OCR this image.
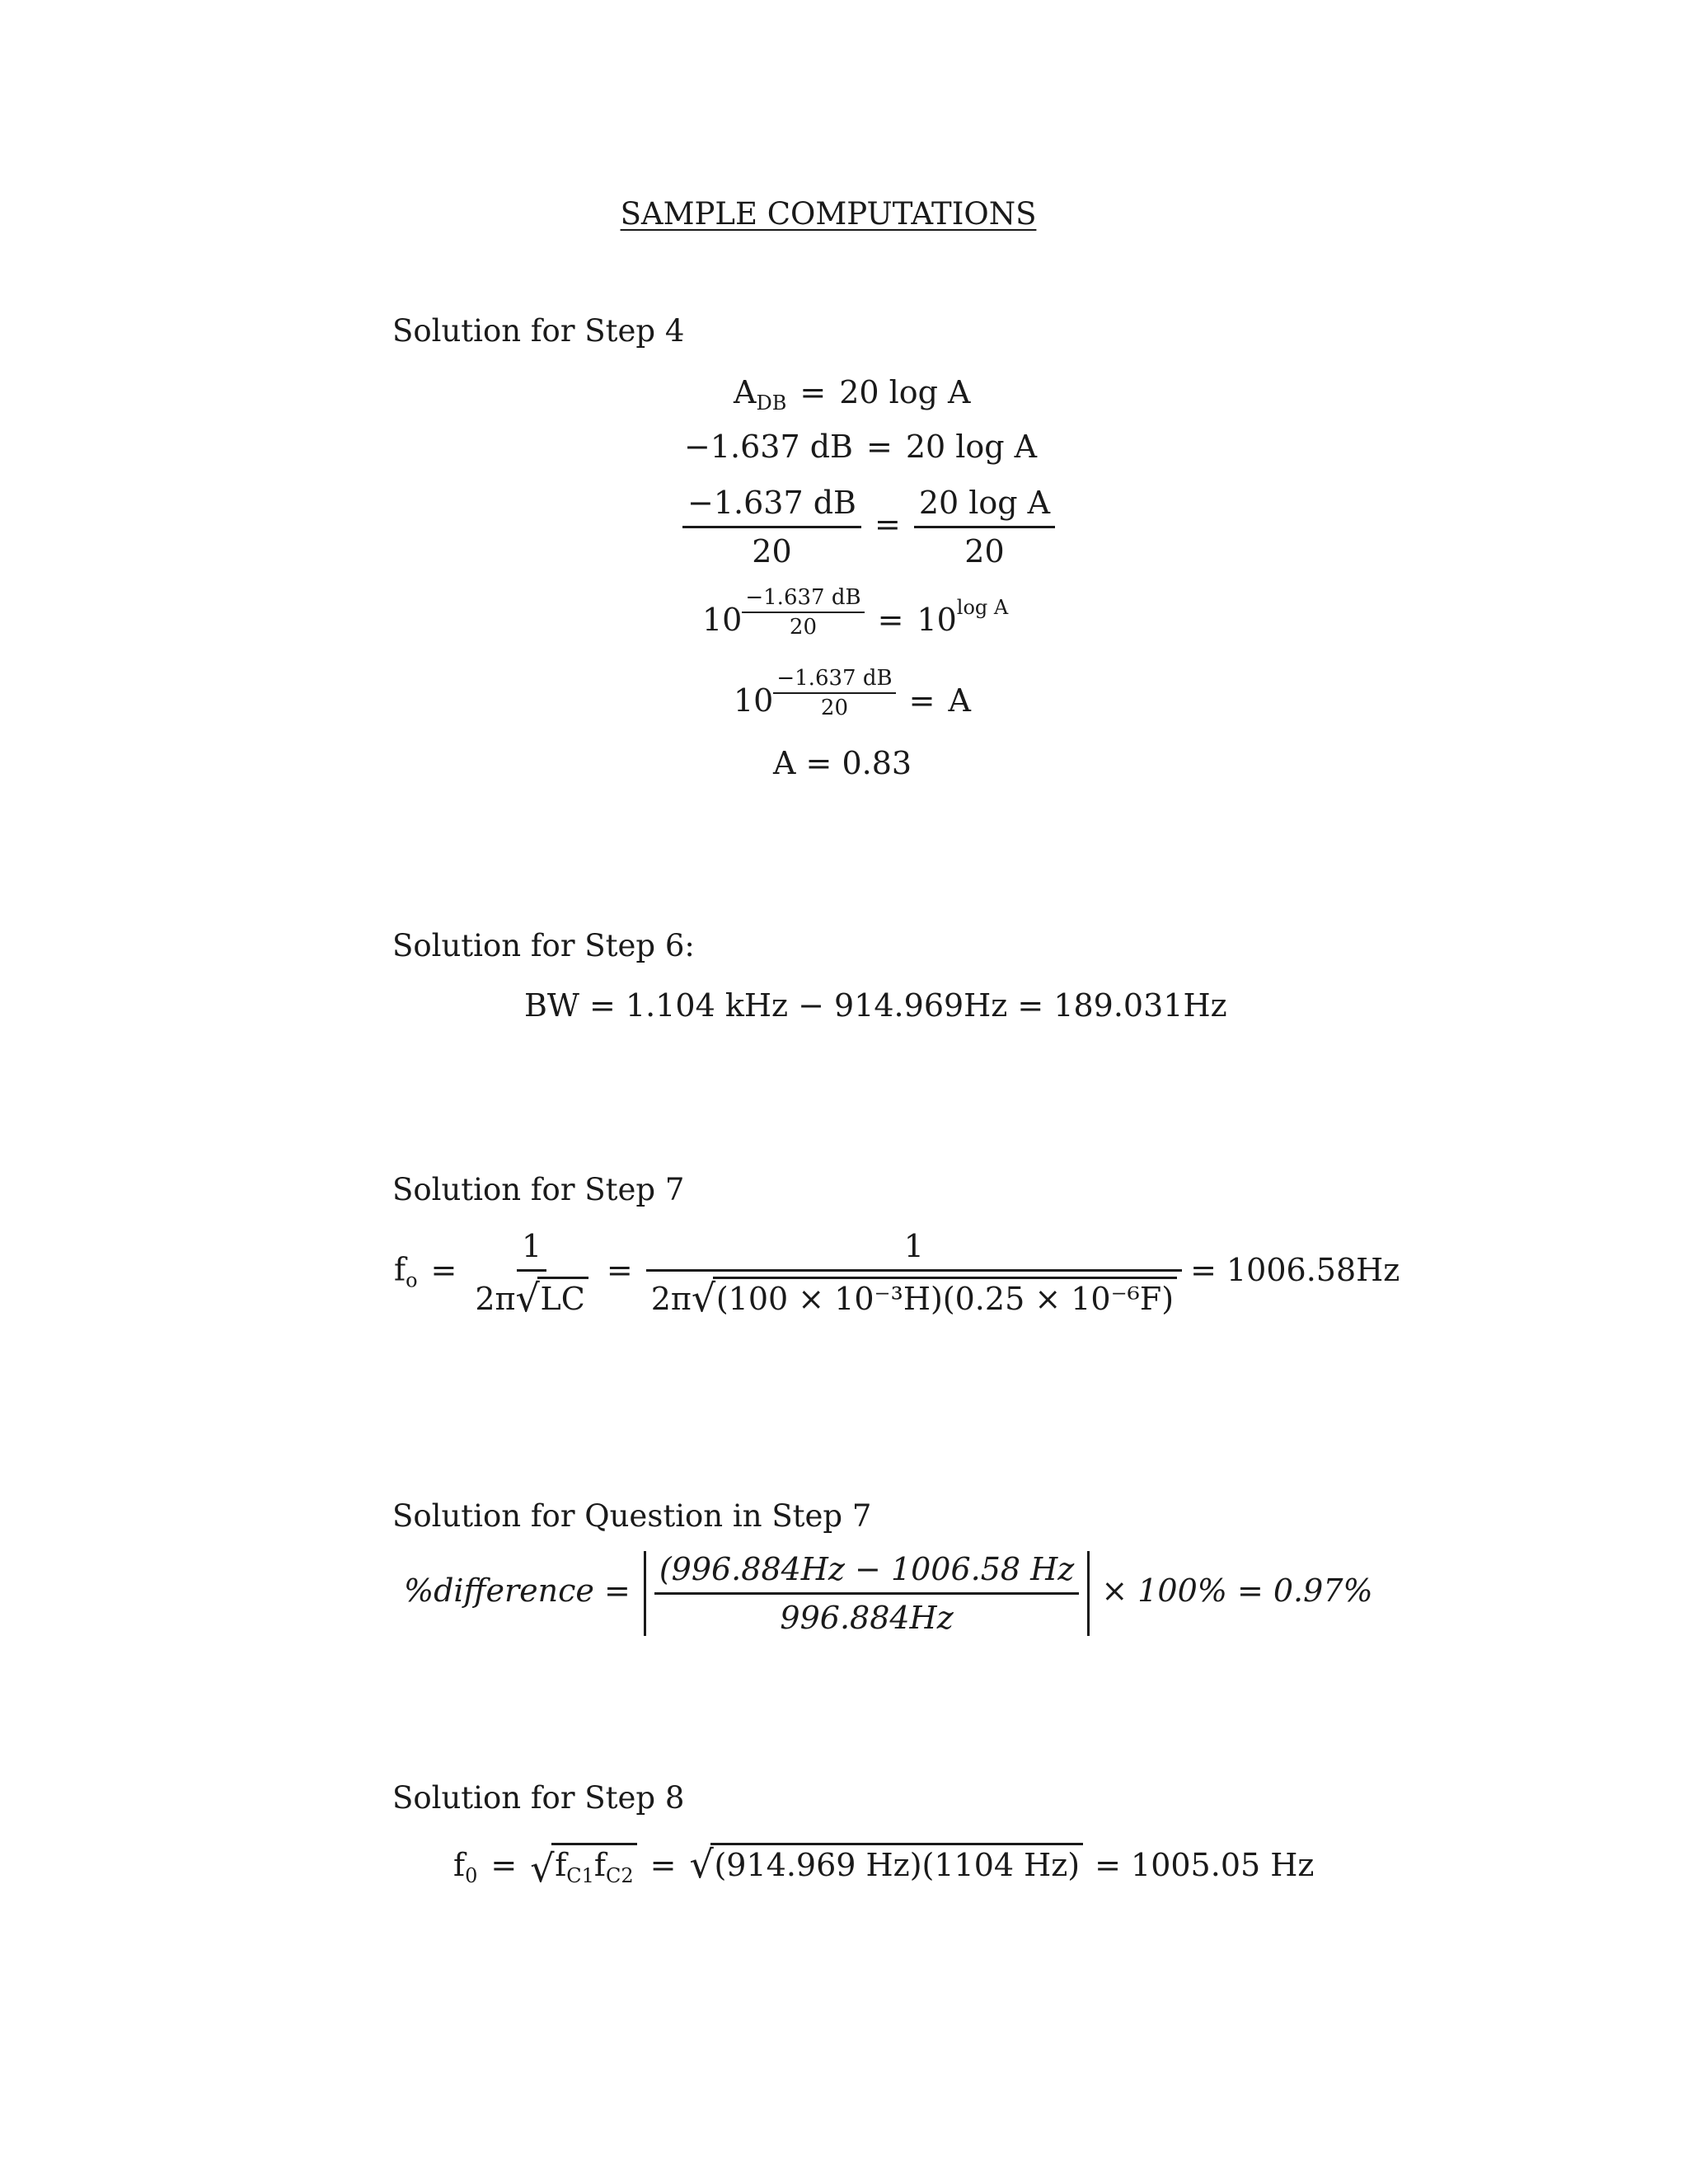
SAMPLE COMPUTATIONS
Solution for Step 4
$A_{DB} = 20$ log A
−1.637 dB = 20 log A
$\frac{-1.637 dB}{20} = \frac{\text{20 log A}}{20}$
$10 \frac{-1.637 dB}{20} = 10^{log A}$
$10 \frac{-1.637 dB}{20} = A$
A = 0.83
Solution for Step 6:
BW = 1.104 kHz − 914.969Hz = 189.031Hz
Solution for Step 7
$f_o = \frac{1}{2\pi √ LC} = \frac{1}{\text{2π √ (100 × 10⁻³H)(0.25 × 10⁻⁶F)}} = 1006.58Hz$
Solution for Question in Step 7
%difference = $\frac{(996.884Hz - 1006.58 Hz}{996.884Hz} \times 100\% = 0.97\%$
Solution for Step 8
$f_0$ = √ $f_{C1}f_{C2}$ = √ (914.969 Hz)(1104 Hz) = 1005.05 Hz
